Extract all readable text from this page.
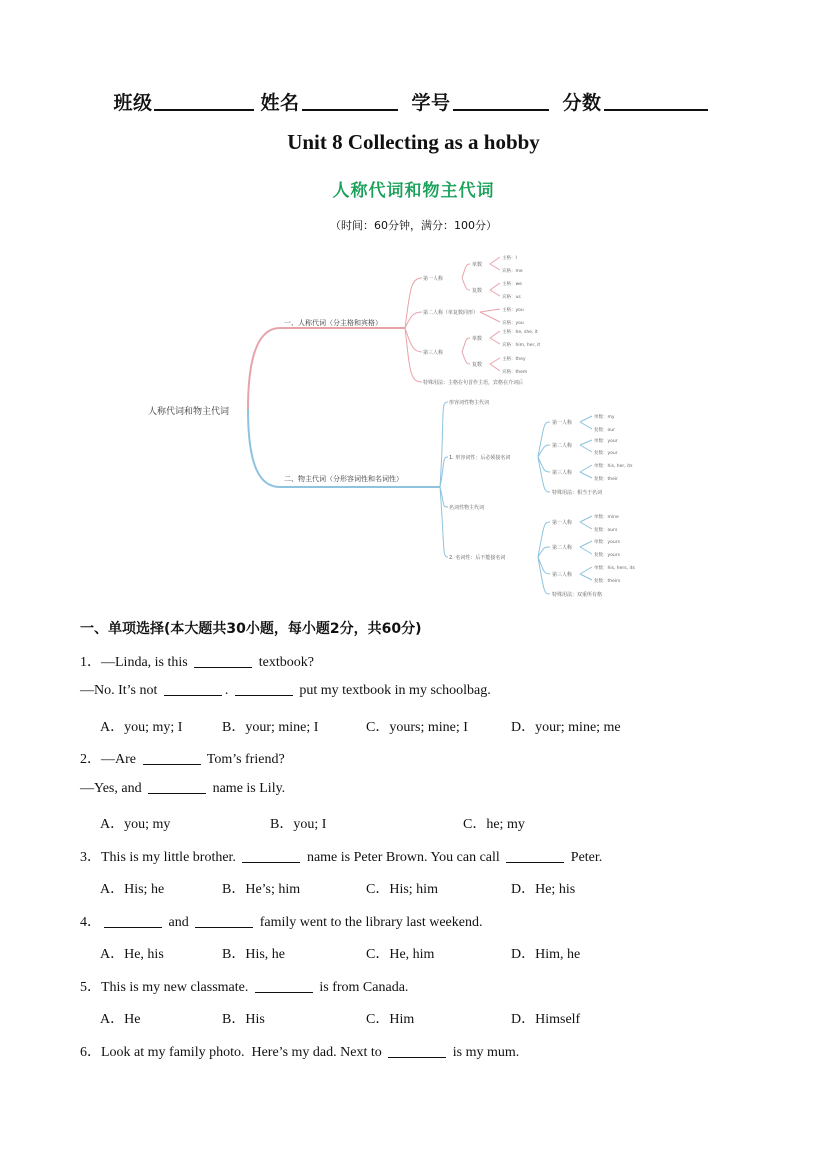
班级	姓名	学号	分数
Unit 8 Collecting as a hobby
人称代词和物主代词
（时间：60分钟，满分：100分）
人称代词和物主代词
一、人称代词（分主格和宾格）
二、物主代词（分形容词性和名词性）
第一人称
第二人称（单复数同形）
第三人称
特殊用法：主格在句首作主语，宾格在介词后
单数
复数
单数
复数
主格：I
宾格：me
主格：we
宾格：us
主格：you
宾格：you
主格：he, she, it
宾格：him, her, it
主格：they
宾格：them
形容词性物主代词
1. 形容词性：后必须接名词
名词性物主代词
2. 名词性：后不能接名词
第一人称
第二人称
第三人称
特殊用法：相当于名词
第一人称
第二人称
第三人称
特殊用法：双重所有格
单数：my
复数：our
单数：your
复数：your
单数：his, her, its
复数：their
单数：mine
复数：ours
单数：yours
复数：yours
单数：his, hers, its
复数：theirs
一、单项选择(本大题共30小题，每小题2分，共60分)
1．—Linda, is this	textbook?
—No. It’s not	.	put my textbook in my schoolbag.
A．you; my; I	B．your; mine; I	C．yours; mine; I	D．your; mine; me
2．—Are	Tom’s friend?
—Yes, and	name is Lily.
A．you; my	B．you; I	C．he; my
3．This is my little brother.	name is Peter Brown. You can call	Peter.
A．His; he	B．He’s; him	C．His; him	D．He; his
4．	and	family went to the library last weekend.
A．He, his	B．His, he	C．He, him	D．Him, he
5．This is my new classmate.	is from Canada.
A．He	B．His	C．Him	D．Himself
6．Look at my family photo.  Here’s my dad. Next to	is my mum.
